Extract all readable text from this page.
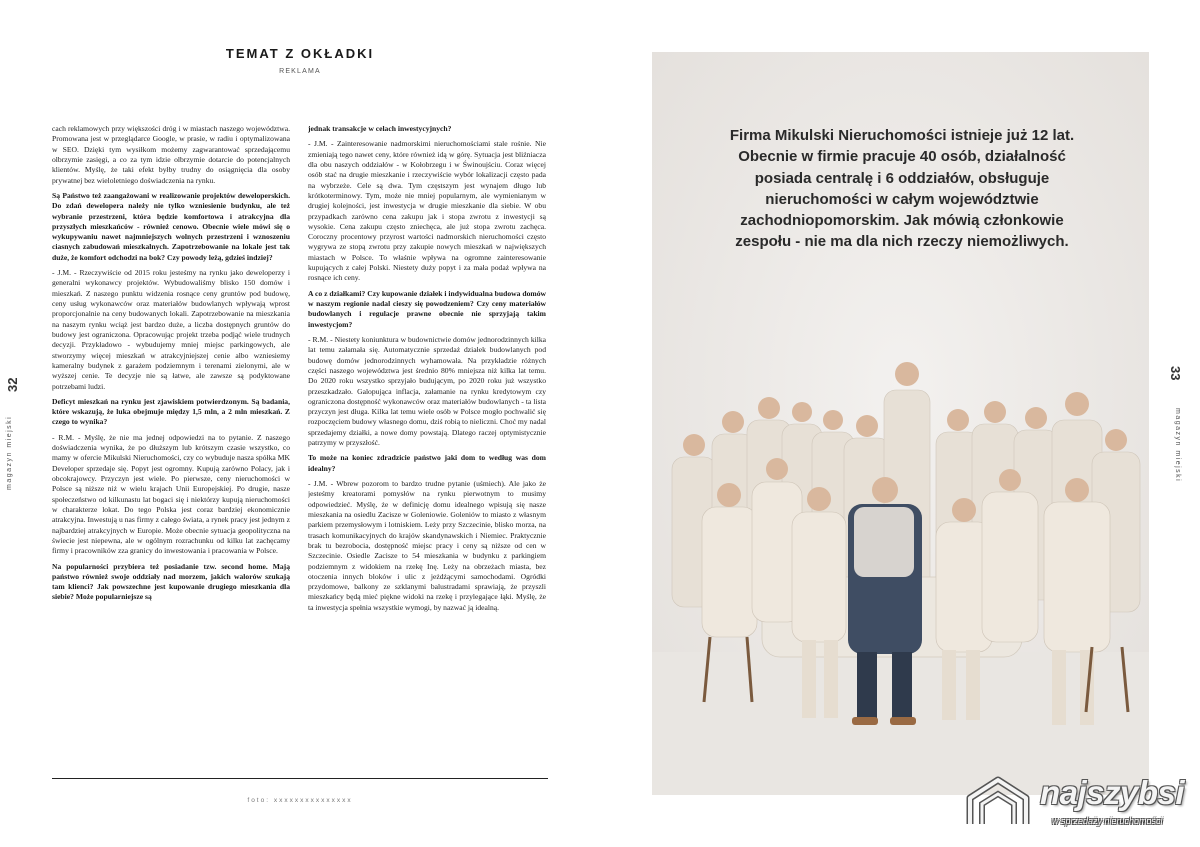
TEMAT Z OKŁADKI
REKLAMA

cach reklamowych przy większości dróg i w miastach naszego województwa. Promowana jest w przeglądarce Google, w prasie, w radiu i optymalizowana w SEO. Dzięki tym wysiłkom możemy zagwarantować sprzedającemu olbrzymie zasięgi, a co za tym idzie olbrzymie dotarcie do potencjalnych klientów. Myślę, że taki efekt byłby trudny do osiągnięcia dla osoby prywatnej bez wieloletniego doświadczenia na rynku.

Są Państwo też zaangażowani w realizowanie projektów deweloperskich. Do zdań dewelopera należy nie tylko wzniesienie budynku, ale też wybranie przestrzeni, która będzie komfortowa i atrakcyjna dla przyszłych mieszkańców - również cenowo. Obecnie wiele mówi się o wykupywaniu nawet najmniejszych wolnych przestrzeni i wznoszeniu ciasnych zabudowań mieszkalnych. Zapotrzebowanie na lokale jest tak duże, że komfort odchodzi na bok? Czy powody leżą, gdzieś indziej?

- J.M. - Rzeczywiście od 2015 roku jesteśmy na rynku jako deweloperzy i generalni wykonawcy projektów. Wybudowaliśmy blisko 150 domów i mieszkań. Z naszego punktu widzenia rosnące ceny gruntów pod budowę, ceny usług wykonawców oraz materiałów budowlanych wpływają wprost proporcjonalnie na ceny budowanych lokali. Zapotrzebowanie na mieszkania na naszym rynku wciąż jest bardzo duże, a liczba dostępnych gruntów do budowy jest ograniczona. Opracowując projekt trzeba podjąć wiele trudnych decyzji. Przykładowo - wybudujemy mniej miejsc parkingowych, ale stworzymy więcej mieszkań w atrakcyjniejszej cenie albo wzniesiemy kameralny budynek z garażem podziemnym i terenami zielonymi, ale w wyższej cenie. Te decyzje nie są łatwe, ale zawsze są podyktowane potrzebami ludzi.

Deficyt mieszkań na rynku jest zjawiskiem potwierdzonym. Są badania, które wskazują, że luka obejmuje między 1,5 mln, a 2 mln mieszkań. Z czego to wynika?

- R.M. - Myślę, że nie ma jednej odpowiedzi na to pytanie. Z naszego doświadczenia wynika, że po dłuższym lub krótszym czasie wszystko, co mamy w ofercie Mikulski Nieruchomości, czy co wybuduje nasza spółka MK Developer sprzedaje się. Popyt jest ogromny. Kupują zarówno Polacy, jak i obcokrajowcy. Przyczyn jest wiele. Po pierwsze, ceny nieruchomości w Polsce są niższe niż w wielu krajach Unii Europejskiej. Po drugie, nasze społeczeństwo od kilkunastu lat bogaci się i niektórzy kupują nieruchomości w charakterze lokat. Do tego Polska jest coraz bardziej ekonomicznie atrakcyjna. Inwestują u nas firmy z całego świata, a rynek pracy jest jednym z najbardziej atrakcyjnych w Europie. Może obecnie sytuacja geopolityczna na świecie jest niepewna, ale w ogólnym rozrachunku od kilku lat zachęcamy firmy i pracowników zza granicy do inwestowania i pracowania w Polsce.

Na popularności przybiera też posiadanie tzw. second home. Mają państwo również swoje oddziały nad morzem, jakich walorów szukają tam klienci? Jak powszechne jest kupowanie drugiego mieszkania dla siebie? Może popularniejsze są

jednak transakcje w celach inwestycyjnych?

- J.M. - Zainteresowanie nadmorskimi nieruchomościami stale rośnie. Nie zmieniają tego nawet ceny, które również idą w górę. Sytuacja jest bliźniacza dla obu naszych oddziałów - w Kołobrzegu i w Świnoujściu. Coraz więcej osób stać na drugie mieszkanie i rzeczywiście wybór lokalizacji często pada na wybrzeże. Cele są dwa. Tym częstszym jest wynajem długo lub krótkoterminowy. Tym, może nie mniej popularnym, ale wymienianym w drugiej kolejności, jest inwestycja w drugie mieszkanie dla siebie. W obu przypadkach zarówno cena zakupu jak i stopa zwrotu z inwestycji są wysokie. Cena zakupu często zniechęca, ale już stopa zwrotu zachęca. Coroczny procentowy przyrost wartości nadmorskich nieruchomości często wygrywa ze stopą zwrotu przy zakupie nowych mieszkań w największych miastach w Polsce. To właśnie wpływa na ogromne zainteresowanie kupujących z całej Polski. Niestety duży popyt i za mała podaż wpływa na rosnące ich ceny.

A co z działkami? Czy kupowanie działek i indywidualna budowa domów w naszym regionie nadal cieszy się powodzeniem? Czy ceny materiałów budowlanych i regulacje prawne obecnie nie sprzyjają takim inwestycjom?

- R.M. - Niestety koniunktura w budownictwie domów jednorodzinnych kilka lat temu załamała się. Automatycznie sprzedaż działek budowlanych pod budowę domów jednorodzinnych wyhamowała. Na przykładzie różnych części naszego województwa jest średnio 80% mniejsza niż kilka lat temu. Do 2020 roku wszystko sprzyjało budującym, po 2020 roku już wszystko przeszkadzało. Galopująca inflacja, załamanie na rynku kredytowym czy ograniczona dostępność wykonawców oraz materiałów budowlanych - ta lista przyczyn jest długa. Kilka lat temu wiele osób w Polsce mogło pochwalić się rozpoczęciem budowy własnego domu, dziś robią to nieliczni. Choć my nadal sprzedajemy działki, a nowe domy powstają. Dlatego raczej optymistycznie patrzymy w przyszłość.

To może na koniec zdradzicie państwo jaki dom to według was dom idealny?

- J.M. - Wbrew pozorom to bardzo trudne pytanie (uśmiech). Ale jako że jesteśmy kreatorami pomysłów na rynku pierwotnym to musimy odpowiedzieć. Myślę, że w definicję domu idealnego wpisują się nasze mieszkania na osiedlu Zacisze w Goleniowie. Goleniów to miasto z własnym parkiem przemysłowym i lotniskiem. Leży przy Szczecinie, blisko morza, na trasach komunikacyjnych do krajów skandynawskich i Niemiec. Praktycznie brak tu bezrobocia, dostępność miejsc pracy i ceny są niższe od cen w Szczecinie. Osiedle Zacisze to 54 mieszkania w budynku z parkingiem podziemnym z widokiem na rzekę Inę. Leży na obrzeżach miasta, bez otoczenia innych bloków i ulic z jeżdżącymi samochodami. Ogródki przydomowe, balkony ze szklanymi balustradami sprawiają, że przyszli mieszkańcy będą mieć piękne widoki na rzekę i przylegające łąki. Myślę, że ta inwestycja spełnia wszystkie wymogi, by nazwać ją idealną.

foto: xxxxxxxxxxxxxxx
32
magazyn miejski
Firma Mikulski Nieruchomości istnieje już 12 lat. Obecnie w firmie pracuje 40 osób, działalność posiada centralę i 6 oddziałów, obsługuje nieruchomości w całym województwie zachodniopomorskim. Jak mówią członkowie zespołu - nie ma dla nich rzeczy niemożliwych.
33
magazyn miejski
najszybsi
w sprzedaży nieruchomości
